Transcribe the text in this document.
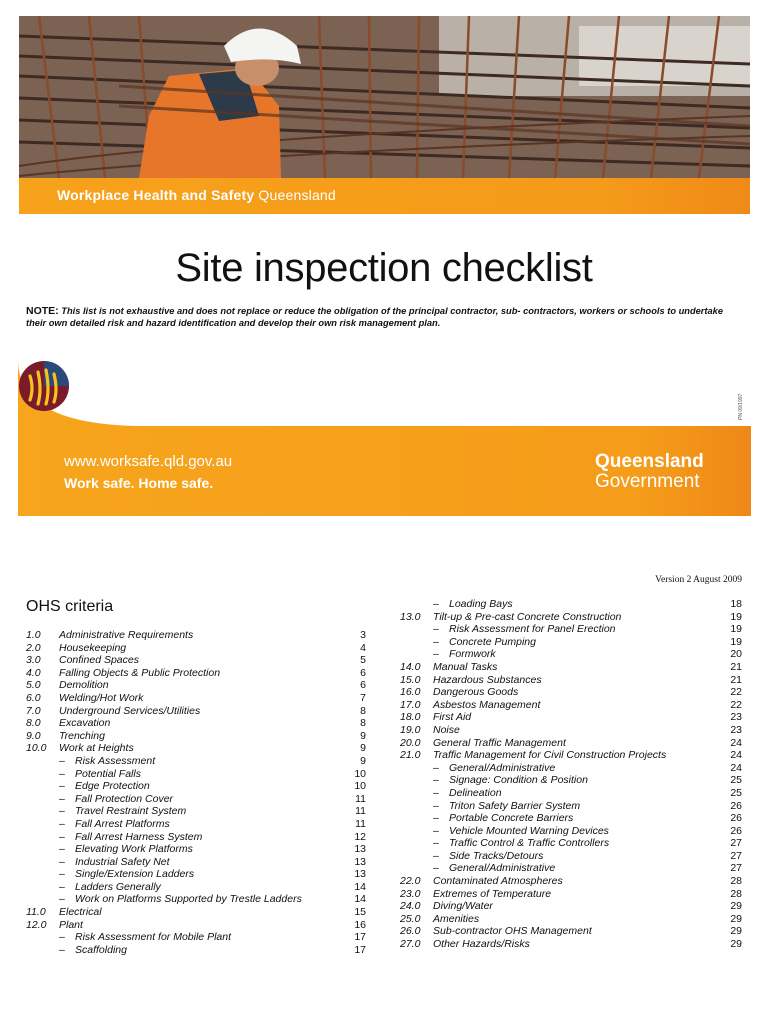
Workplace Health and Safety Queensland
Site inspection checklist
NOTE: This list is not exhaustive and does not replace or reduce the obligation of the principal contractor, sub- contractors, workers or schools to undertake their own detailed risk and hazard identification and develop their own risk management plan.
www.worksafe.qld.gov.au
Work safe. Home safe.
Queensland
Government
PN 09/1997
Version 2 August 2009
OHS criteria
1.0 Administrative Requirements	3
2.0 Housekeeping	4
3.0 Confined Spaces	5
4.0 Falling Objects & Public Protection	6
5.0 Demolition	6
6.0 Welding/Hot Work	7
7.0 Underground Services/Utilities	8
8.0 Excavation	8
9.0 Trenching	9
10.0 Work at Heights	9
– Risk Assessment	9
– Potential Falls	10
– Edge Protection	10
– Fall Protection Cover	11
– Travel Restraint System	11
– Fall Arrest Platforms	11
– Fall Arrest Harness System	12
– Elevating Work Platforms	13
– Industrial Safety Net	13
– Single/Extension Ladders	13
– Ladders Generally	14
– Work on Platforms Supported by Trestle Ladders	14
11.0 Electrical	15
12.0 Plant	16
– Risk Assessment for Mobile Plant	17
– Scaffolding	17
– Loading Bays	18
13.0 Tilt-up & Pre-cast Concrete Construction	19
– Risk Assessment for Panel Erection	19
– Concrete Pumping	19
– Formwork	20
14.0 Manual Tasks	21
15.0 Hazardous Substances	21
16.0 Dangerous Goods	22
17.0 Asbestos Management	22
18.0 First Aid	23
19.0 Noise	23
20.0 General Traffic Management	24
21.0 Traffic Management for Civil Construction Projects	24
– General/Administrative	24
– Signage: Condition & Position	25
– Delineation	25
– Triton Safety Barrier System	26
– Portable Concrete Barriers	26
– Vehicle Mounted Warning Devices	26
– Traffic Control & Traffic Controllers	27
– Side Tracks/Detours	27
– General/Administrative	27
22.0 Contaminated Atmospheres	28
23.0 Extremes of Temperature	28
24.0 Diving/Water	29
25.0 Amenities	29
26.0 Sub-contractor OHS Management	29
27.0 Other Hazards/Risks	29
